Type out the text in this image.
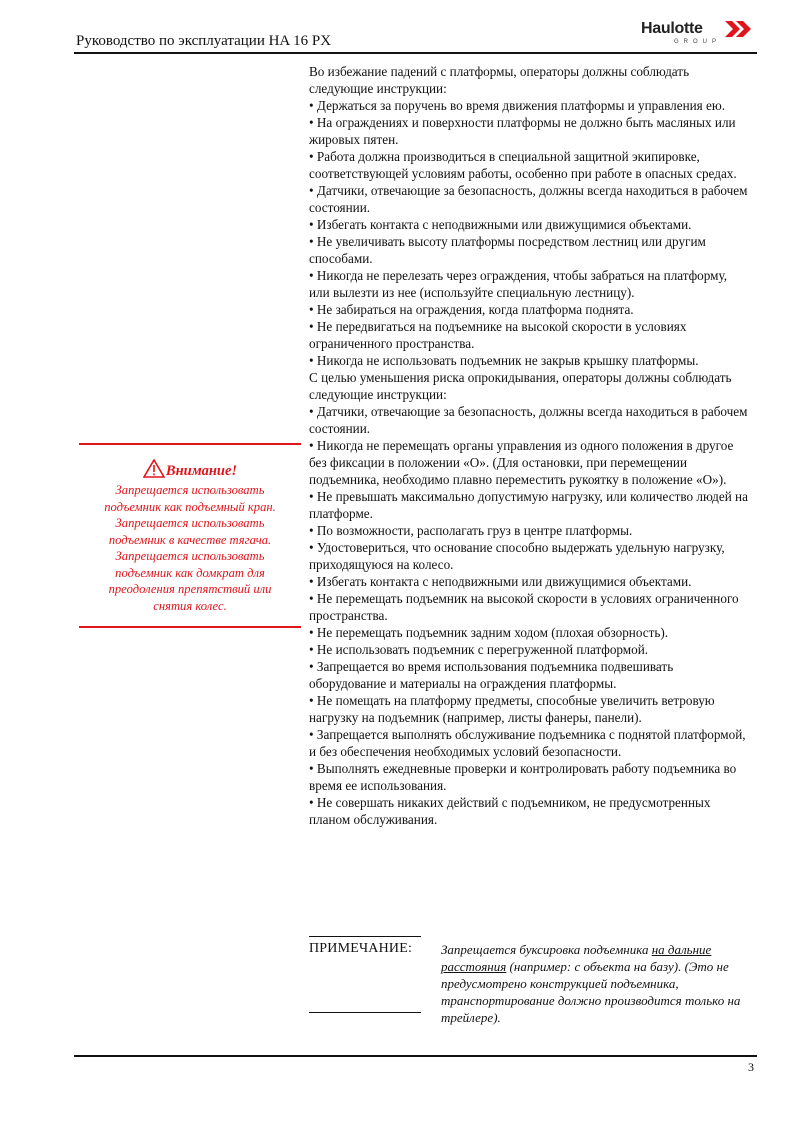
Руководство по эксплуатации HA 16 PX
Haulotte
GROUP

Во избежание падений с платформы, операторы должны соблюдать следующие инструкции:

• Держаться за поручень во время движения платформы и управления ею.

• На ограждениях и поверхности платформы не должно быть масляных или жировых пятен.

• Работа должна производиться в специальной защитной экипировке, соответствующей условиям работы, особенно при работе в опасных средах.

• Датчики, отвечающие за безопасность, должны всегда находиться в рабочем состоянии.

• Избегать контакта с неподвижными или движущимися объектами.

• Не увеличивать высоту платформы посредством лестниц или другим способами.

• Никогда не перелезать через ограждения, чтобы забраться на платформу, или вылезти из нее (используйте специальную лестницу).

• Не забираться на ограждения, когда платформа поднята.

• Не передвигаться на подъемнике на высокой скорости в условиях ограниченного пространства.

• Никогда не использовать подъемник не закрыв крышку платформы.

С целью уменьшения риска опрокидывания, операторы должны соблюдать следующие инструкции:

• Датчики, отвечающие за безопасность, должны всегда находиться в рабочем состоянии.

• Никогда не перемещать органы управления из одного положения в другое без фиксации в положении «О». (Для остановки, при перемещении подъемника, необходимо плавно переместить рукоятку в положение «О»).

• Не превышать максимально допустимую нагрузку, или количество людей на платформе.

• По возможности, располагать груз в центре платформы.

• Удостовериться, что основание способно выдержать удельную нагрузку, приходящуюся на колесо.

• Избегать контакта с неподвижными или движущимися объектами.

• Не перемещать подъемник на высокой скорости в условиях ограниченного пространства.

• Не перемещать подъемник задним ходом (плохая обзорность).

• Не использовать подъемник с перегруженной платформой.

• Запрещается во время использования подъемника подвешивать оборудование и материалы на ограждения платформы.

• Не помещать на платформу предметы, способные увеличить ветровую нагрузку на подъемник (например, листы фанеры, панели).

• Запрещается выполнять обслуживание подъемника с поднятой платформой, и без обеспечения необходимых условий безопасности.

• Выполнять ежедневные проверки и контролировать работу подъемника во время ее использования.

• Не совершать никаких действий с подъемником, не предусмотренных планом обслуживания.

Внимание!

Запрещается использовать

подъемник как подъемный кран.

Запрещается использовать

подъемник в качестве тягача.

Запрещается использовать

подъемник как домкрат для

преодоления препятствий или

снятия колес.

ПРИМЕЧАНИЕ: Запрещается буксировка подъемника на дальние расстояния (например: с объекта на базу). (Это не предусмотрено конструкцией подъемника, транспортирование должно производится только на трейлере).
3
